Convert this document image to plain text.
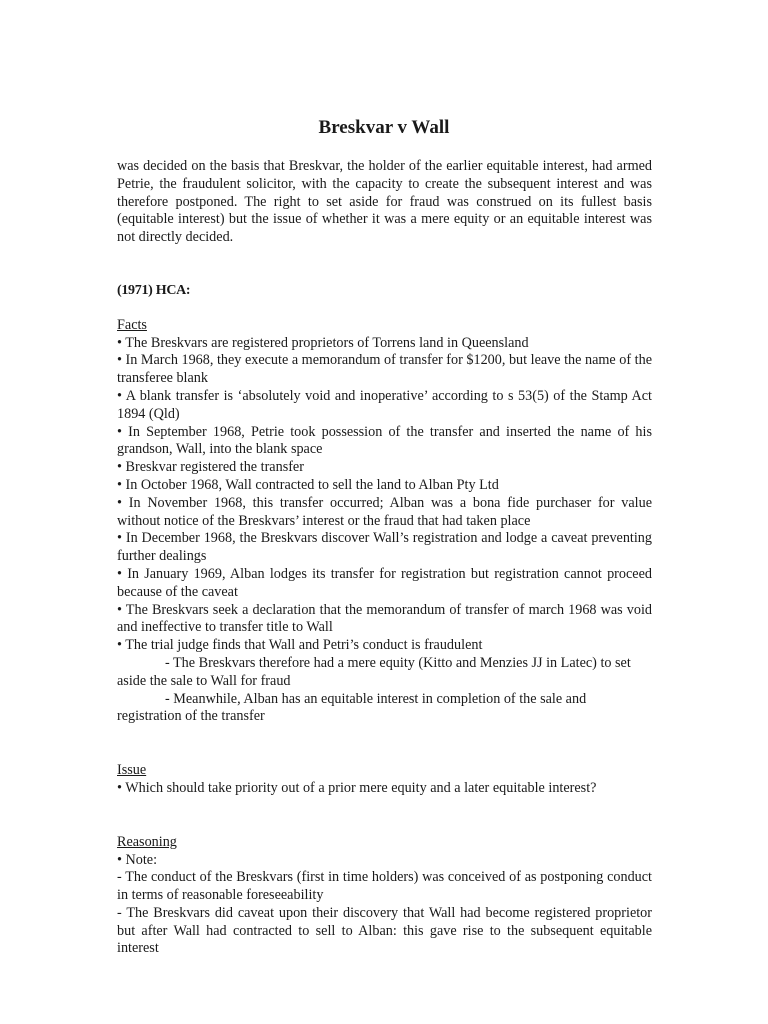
Breskvar v Wall

was decided on the basis that Breskvar, the holder of the earlier equitable interest, had armed Petrie, the fraudulent solicitor, with the capacity to create the subsequent interest and was therefore postponed. The right to set aside for fraud was construed on its fullest basis (equitable interest) but the issue of whether it was a mere equity or an equitable interest was not directly decided.

(1971) HCA:

Facts

• The Breskvars are registered proprietors of Torrens land in Queensland

• In March 1968, they execute a memorandum of transfer for $1200, but leave the name of the transferee blank

• A blank transfer is ‘absolutely void and inoperative’ according to s 53(5) of the Stamp Act 1894 (Qld)

• In September 1968, Petrie took possession of the transfer and inserted the name of his grandson, Wall, into the blank space

• Breskvar registered the transfer

• In October 1968, Wall contracted to sell the land to Alban Pty Ltd

• In November 1968, this transfer occurred; Alban was a bona fide purchaser for value without notice of the Breskvars’ interest or the fraud that had taken place

• In December 1968, the Breskvars discover Wall’s registration and lodge a caveat preventing further dealings

• In January 1969, Alban lodges its transfer for registration but registration cannot proceed because of the caveat

• The Breskvars seek a declaration that the memorandum of transfer of march 1968 was void and ineffective to transfer title to Wall

• The trial judge finds that Wall and Petri’s conduct is fraudulent

- The Breskvars therefore had a mere equity (Kitto and Menzies JJ in Latec) to set aside the sale to Wall for fraud

- Meanwhile, Alban has an equitable interest in completion of the sale and registration of the transfer

Issue

• Which should take priority out of a prior mere equity and a later equitable interest?

Reasoning

• Note:

- The conduct of the Breskvars (first in time holders) was conceived of as postponing conduct in terms of reasonable foreseeability

- The Breskvars did caveat upon their discovery that Wall had become registered proprietor but after Wall had contracted to sell to Alban: this gave rise to the subsequent equitable interest
